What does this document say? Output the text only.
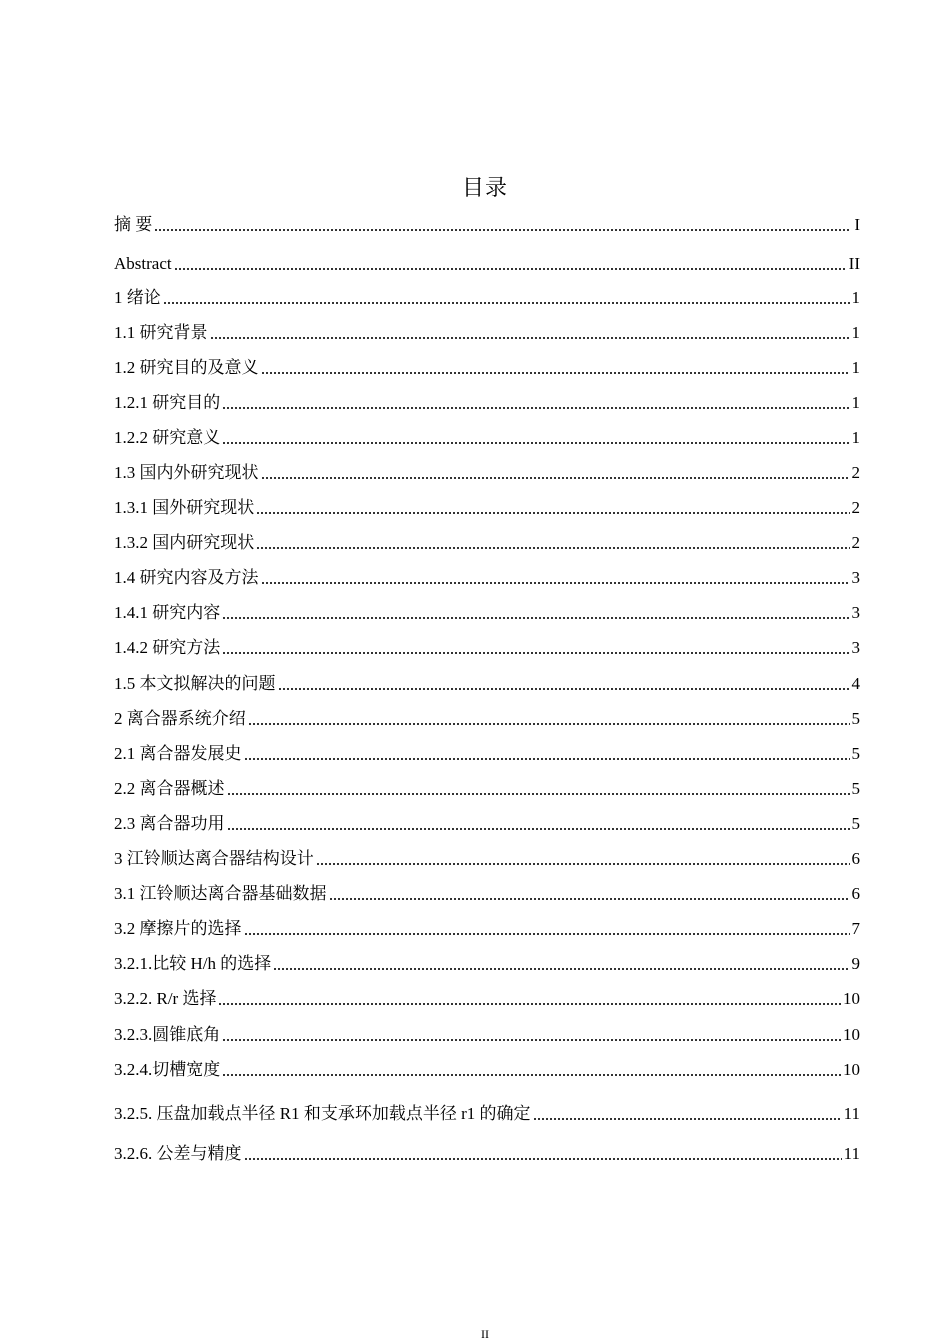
目录
摘 要	I
Abstract	II
1 绪论	1
1.1 研究背景	1
1.2 研究目的及意义	1
1.2.1 研究目的	1
1.2.2 研究意义	1
1.3 国内外研究现状	2
1.3.1 国外研究现状	2
1.3.2 国内研究现状	2
1.4 研究内容及方法	3
1.4.1 研究内容	3
1.4.2 研究方法	3
1.5 本文拟解决的问题	4
2 离合器系统介绍	5
2.1 离合器发展史	5
2.2 离合器概述	5
2.3 离合器功用	5
3 江铃顺达离合器结构设计	6
3.1 江铃顺达离合器基础数据	6
3.2 摩擦片的选择	7
3.2.1.比较 H/h 的选择	9
3.2.2. R/r 选择	10
3.2.3.圆锥底角	10
3.2.4.切槽宽度	10
3.2.5. 压盘加载点半径 R1 和支承环加载点半径 r1 的确定	11
3.2.6. 公差与精度	11
II
